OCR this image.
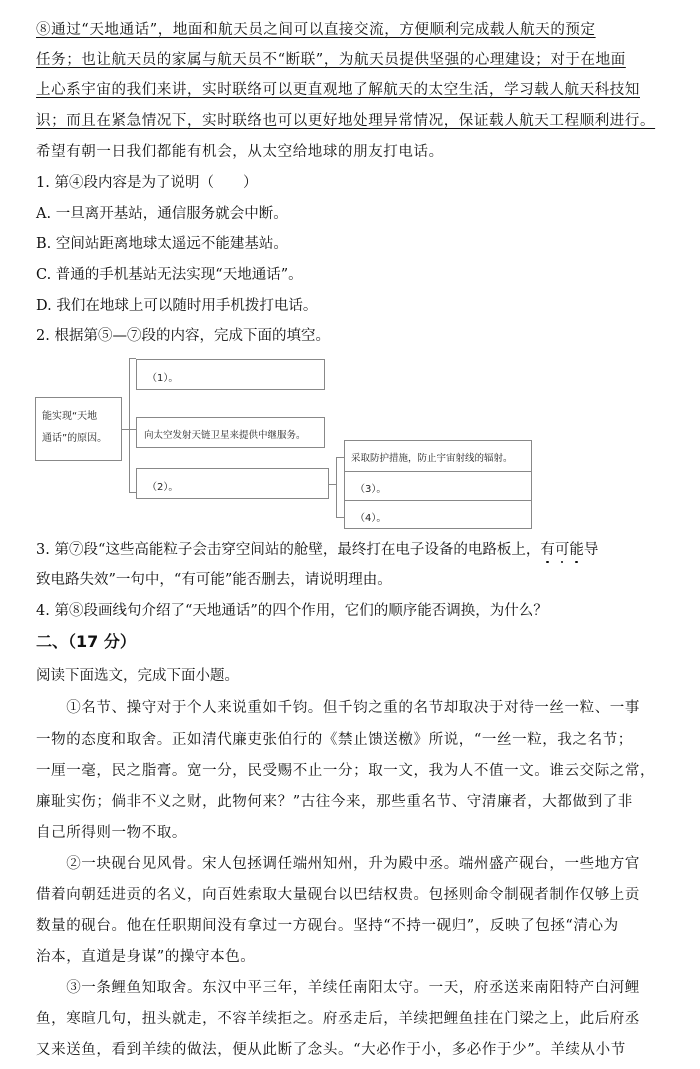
⑧通过“天地通话”，地面和航天员之间可以直接交流，方便顺利完成载人航天的预定
任务；也让航天员的家属与航天员不“断联”，为航天员提供坚强的心理建设；对于在地面
上心系宇宙的我们来讲，实时联络可以更直观地了解航天的太空生活，学习载人航天科技知
识；而且在紧急情况下，实时联络也可以更好地处理异常情况，保证载人航天工程顺利进行。
希望有朝一日我们都能有机会，从太空给地球的朋友打电话。
1. 第④段内容是为了说明（　　）
A. 一旦离开基站，通信服务就会中断。
B. 空间站距离地球太遥远不能建基站。
C. 普通的手机基站无法实现“天地通话”。
D. 我们在地球上可以随时用手机拨打电话。
2. 根据第⑤—⑦段的内容，完成下面的填空。
能实现“天地
通话”的原因。
（1）。
向太空发射天链卫星来提供中继服务。
（2）。
采取防护措施，防止宇宙射线的辐射。
（3）。
（4）。
3. 第⑦段“这些高能粒子会击穿空间站的舱壁，最终打在电子设备的电路板上，有可能导
致电路失效”一句中，“有可能”能否删去，请说明理由。
4. 第⑧段画线句介绍了“天地通话”的四个作用，它们的顺序能否调换，为什么？
二、（17 分）
阅读下面选文，完成下面小题。
　　①名节、操守对于个人来说重如千钧。但千钧之重的名节却取决于对待一丝一粒、一事
一物的态度和取舍。正如清代廉吏张伯行的《禁止馈送檄》所说，“一丝一粒，我之名节；
一厘一毫，民之脂膏。宽一分，民受赐不止一分；取一文，我为人不值一文。谁云交际之常，
廉耻实伤；倘非不义之财，此物何来？”古往今来，那些重名节、守清廉者，大都做到了非
自己所得则一物不取。
　　②一块砚台见风骨。宋人包拯调任端州知州，升为殿中丞。端州盛产砚台，一些地方官
借着向朝廷进贡的名义，向百姓索取大量砚台以巴结权贵。包拯则命令制砚者制作仅够上贡
数量的砚台。他在任职期间没有拿过一方砚台。坚持“不持一砚归”，反映了包拯“清心为
治本，直道是身谋”的操守本色。
　　③一条鲤鱼知取舍。东汉中平三年，羊续任南阳太守。一天，府丞送来南阳特产白河鲤
鱼，寒暄几句，扭头就走，不容羊续拒之。府丞走后，羊续把鲤鱼挂在门梁之上，此后府丞
又来送鱼，看到羊续的做法，便从此断了念头。“大必作于小，多必作于少”。羊续从小节
